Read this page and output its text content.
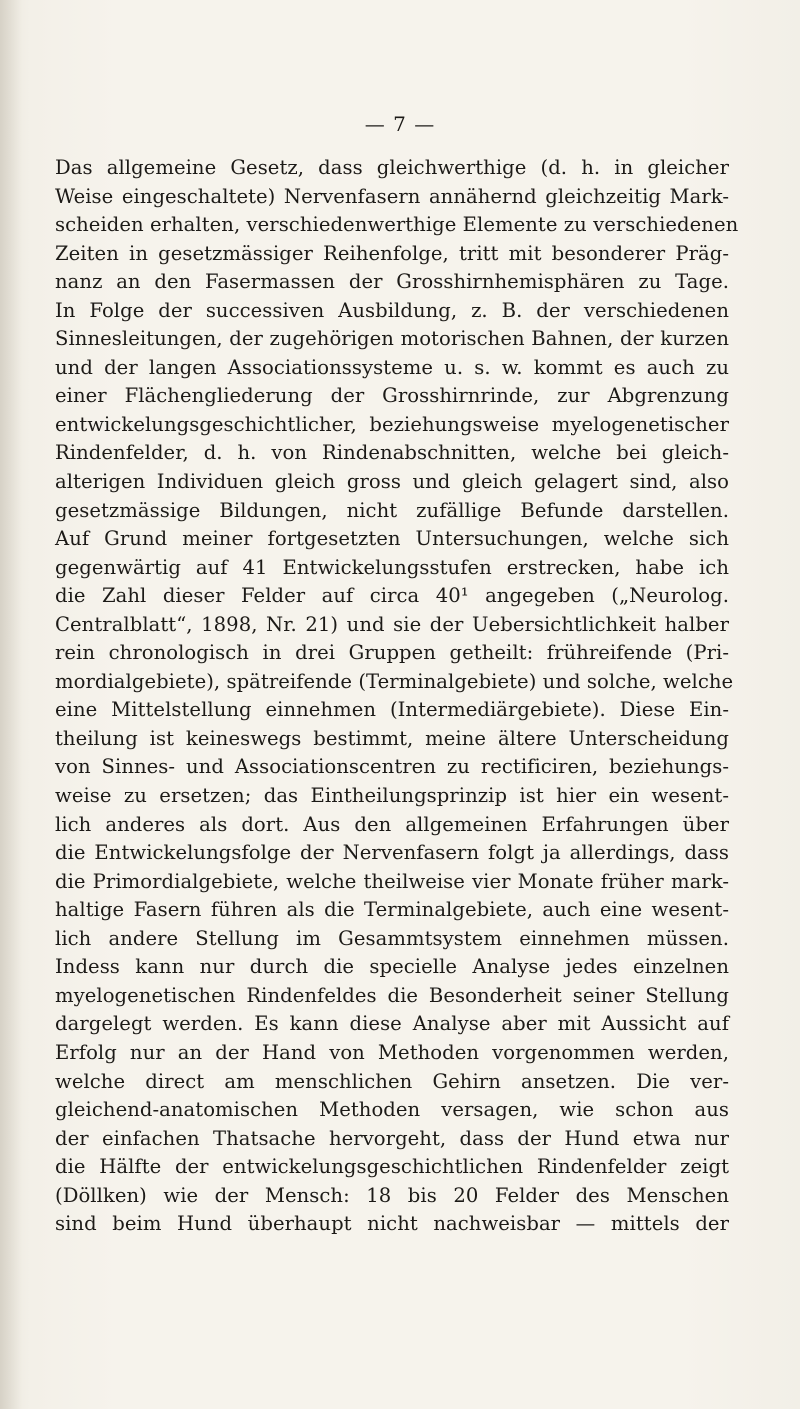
— 7 —
Das allgemeine Gesetz, dass gleichwerthige (d. h. in gleicher
Weise eingeschaltete) Nervenfasern annähernd gleichzeitig Mark-
scheiden erhalten, verschiedenwerthige Elemente zu verschiedenen
Zeiten in gesetzmässiger Reihenfolge, tritt mit besonderer Präg-
nanz an den Fasermassen der Grosshirnhemisphären zu Tage.
In Folge der successiven Ausbildung, z. B. der verschiedenen
Sinnesleitungen, der zugehörigen motorischen Bahnen, der kurzen
und der langen Associationssysteme u. s. w. kommt es auch zu
einer Flächengliederung der Grosshirnrinde, zur Abgrenzung
entwickelungsgeschichtlicher, beziehungsweise myelogenetischer
Rindenfelder, d. h. von Rindenabschnitten, welche bei gleich-
alterigen Individuen gleich gross und gleich gelagert sind, also
gesetzmässige Bildungen, nicht zufällige Befunde darstellen.
Auf Grund meiner fortgesetzten Untersuchungen, welche sich
gegenwärtig auf 41 Entwickelungsstufen erstrecken, habe ich
die Zahl dieser Felder auf circa 40¹ angegeben („Neurolog.
Centralblatt“, 1898, Nr. 21) und sie der Uebersichtlichkeit halber
rein chronologisch in drei Gruppen getheilt: frühreifende (Pri-
mordialgebiete), spätreifende (Terminalgebiete) und solche, welche
eine Mittelstellung einnehmen (Intermediärgebiete). Diese Ein-
theilung ist keineswegs bestimmt, meine ältere Unterscheidung
von Sinnes- und Associationscentren zu rectificiren, beziehungs-
weise zu ersetzen; das Eintheilungsprinzip ist hier ein wesent-
lich anderes als dort. Aus den allgemeinen Erfahrungen über
die Entwickelungsfolge der Nervenfasern folgt ja allerdings, dass
die Primordialgebiete, welche theilweise vier Monate früher mark-
haltige Fasern führen als die Terminalgebiete, auch eine wesent-
lich andere Stellung im Gesammtsystem einnehmen müssen.
Indess kann nur durch die specielle Analyse jedes einzelnen
myelogenetischen Rindenfeldes die Besonderheit seiner Stellung
dargelegt werden. Es kann diese Analyse aber mit Aussicht auf
Erfolg nur an der Hand von Methoden vorgenommen werden,
welche direct am menschlichen Gehirn ansetzen. Die ver-
gleichend-anatomischen Methoden versagen, wie schon aus
der einfachen Thatsache hervorgeht, dass der Hund etwa nur
die Hälfte der entwickelungsgeschichtlichen Rindenfelder zeigt
(Döllken) wie der Mensch: 18 bis 20 Felder des Menschen
sind beim Hund überhaupt nicht nachweisbar — mittels der
